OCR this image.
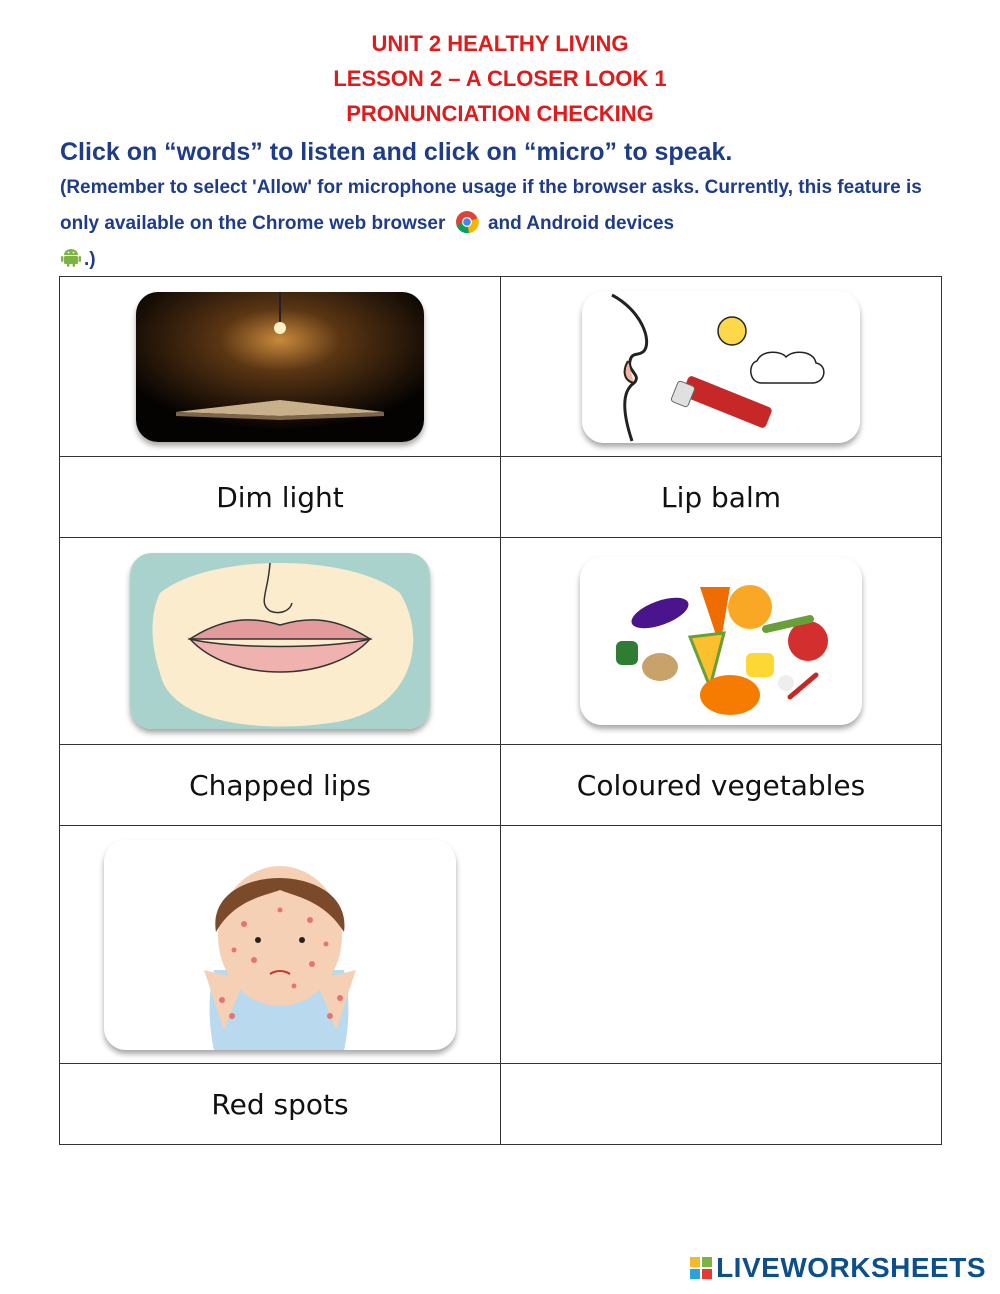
UNIT 2 HEALTHY LIVING
LESSON 2 – A CLOSER LOOK 1
PRONUNCIATION CHECKING
Click on “words” to listen and click on “micro” to speak.
(Remember to select 'Allow' for microphone usage if the browser asks. Currently, this feature is only available on the Chrome web browser and Android devices
.)

Dim light	Lip balm

Chapped lips	Coloured vegetables

Red spots	
LIVEWORKSHEETS
